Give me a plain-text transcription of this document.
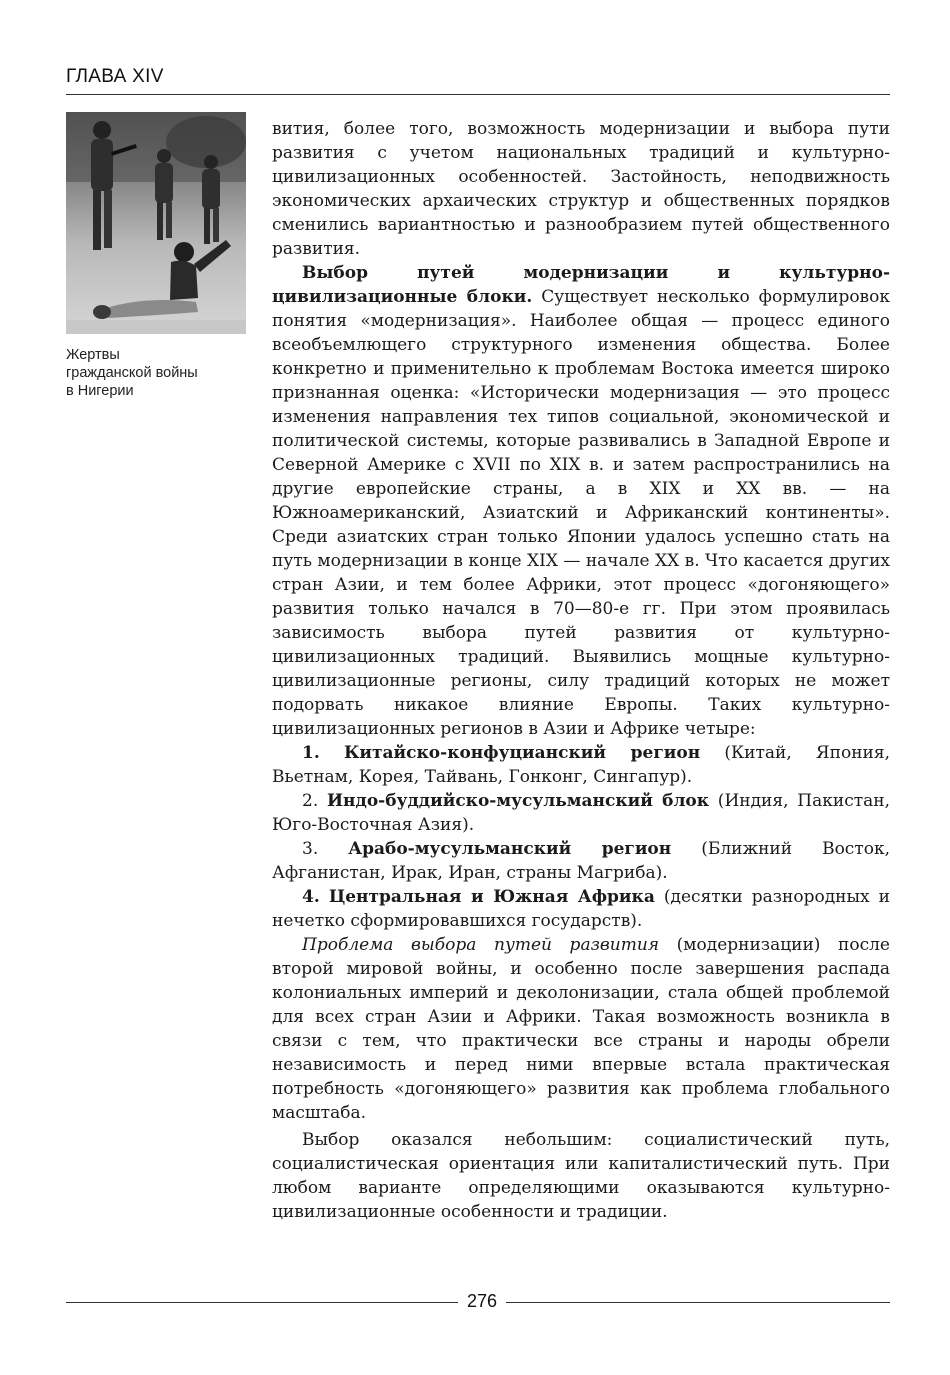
ГЛАВА XIV
Жертвы
гражданской войны
в Нигерии

вития, более того, возможность модернизации и выбора пути развития с учетом национальных традиций и культурно-цивилизационных особенностей. Застойность, неподвижность экономических архаических структур и общественных порядков сменились вариантностью и разнообразием путей общественного развития.

Выбор путей модернизации и культурно-цивилизационные блоки. Существует несколько формулировок понятия «модернизация». Наиболее общая — процесс единого всеобъемлющего структурного изменения общества. Более конкретно и применительно к проблемам Востока имеется широко признанная оценка: «Исторически модернизация — это процесс изменения направления тех типов социальной, экономической и политической системы, которые развивались в Западной Европе и Северной Америке с XVII по XIX в. и затем распространились на другие европейские страны, а в XIX и XX вв. — на Южноамериканский, Азиатский и Африканский континенты». Среди азиатских стран только Японии удалось успешно стать на путь модернизации в конце XIX — начале XX в. Что касается других стран Азии, и тем более Африки, этот процесс «догоняющего» развития только начался в 70—80-е гг. При этом проявилась зависимость выбора путей развития от культурно-цивилизационных традиций. Выявились мощные культурно-цивилизационные регионы, силу традиций которых не может подорвать никакое влияние Европы. Таких культурно-цивилизационных регионов в Азии и Африке четыре:

1. Китайско-конфуцианский регион (Китай, Япония, Вьетнам, Корея, Тайвань, Гонконг, Сингапур).

2. Индо-буддийско-мусульманский блок (Индия, Пакистан, Юго-Восточная Азия).

3. Арабо-мусульманский регион (Ближний Восток, Афганистан, Ирак, Иран, страны Магриба).

4. Центральная и Южная Африка (десятки разнородных и нечетко сформировавшихся государств).

Проблема выбора путей развития (модернизации) после второй мировой войны, и особенно после завершения распада колониальных империй и деколонизации, стала общей проблемой для всех стран Азии и Африки. Такая возможность возникла в связи с тем, что практически все страны и народы обрели независимость и перед ними впервые встала практическая потребность «догоняющего» развития как проблема глобального масштаба.

Выбор оказался небольшим: социалистический путь, социалистическая ориентация или капиталистический путь. При любом варианте определяющими оказываются культурно-цивилизационные особенности и традиции.

276
